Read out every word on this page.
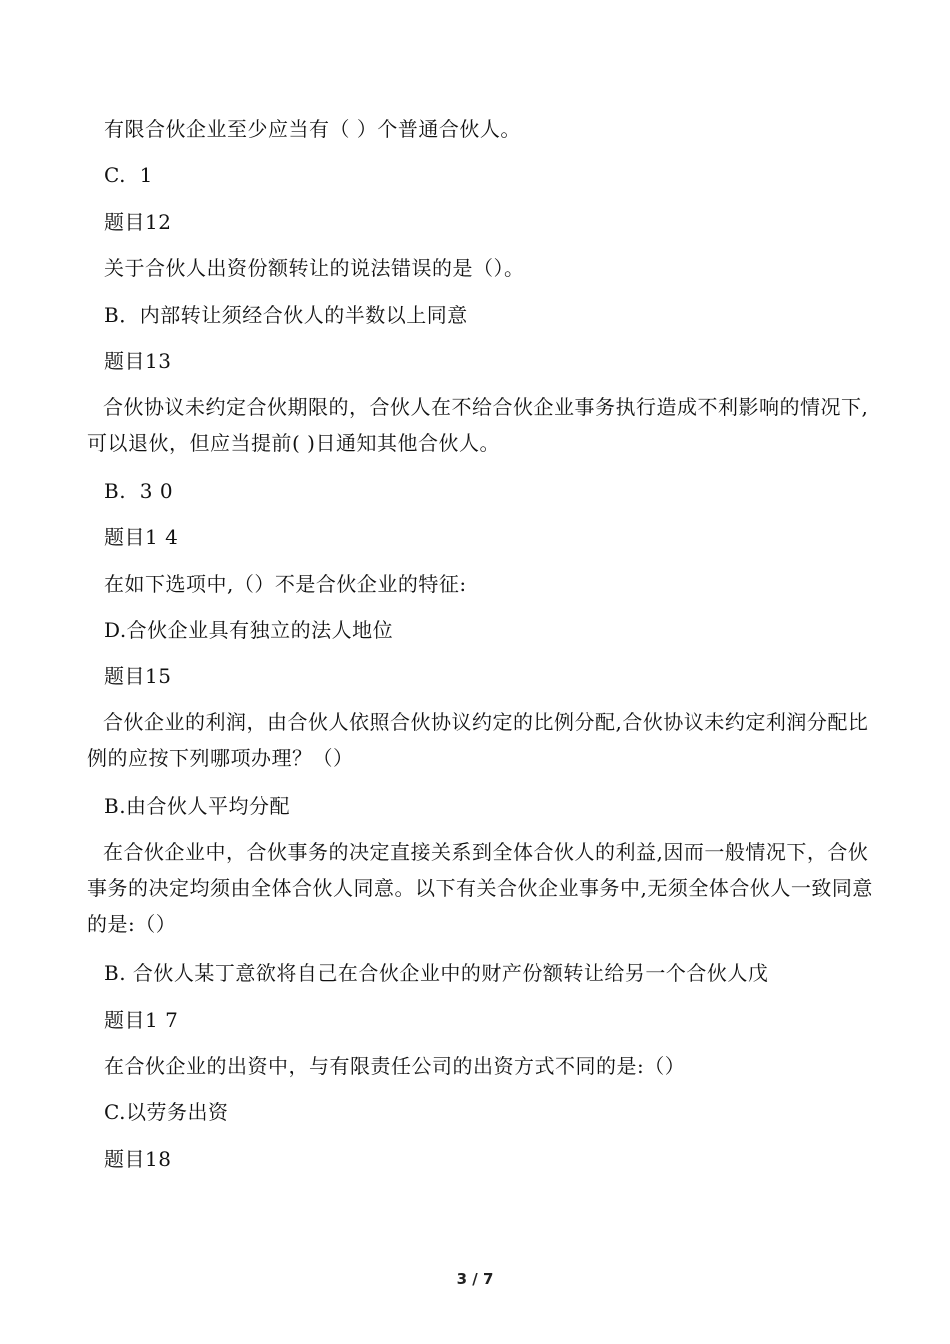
有限合伙企业至少应当有（ ）个普通合伙人。
C.  1
题目12
关于合伙人出资份额转让的说法错误的是（）。
B．内部转让须经合伙人的半数以上同意
题目13
合伙协议未约定合伙期限的，合伙人在不给合伙企业事务执行造成不利影响的情况下,可以退伙，但应当提前( )日通知其他合伙人。
B.  3 0
题目1 4
在如下选项中,（）不是合伙企业的特征:
D.合伙企业具有独立的法人地位
题目15
合伙企业的利润，由合伙人依照合伙协议约定的比例分配,合伙协议未约定利润分配比例的应按下列哪项办理？（）
B.由合伙人平均分配
在合伙企业中，合伙事务的决定直接关系到全体合伙人的利益,因而一般情况下，合伙事务的决定均须由全体合伙人同意。以下有关合伙企业事务中,无须全体合伙人一致同意的是:（）
B. 合伙人某丁意欲将自己在合伙企业中的财产份额转让给另一个合伙人戊
题目1 7
在合伙企业的出资中，与有限责任公司的出资方式不同的是:（）
C.以劳务出资
题目18
3 / 7
